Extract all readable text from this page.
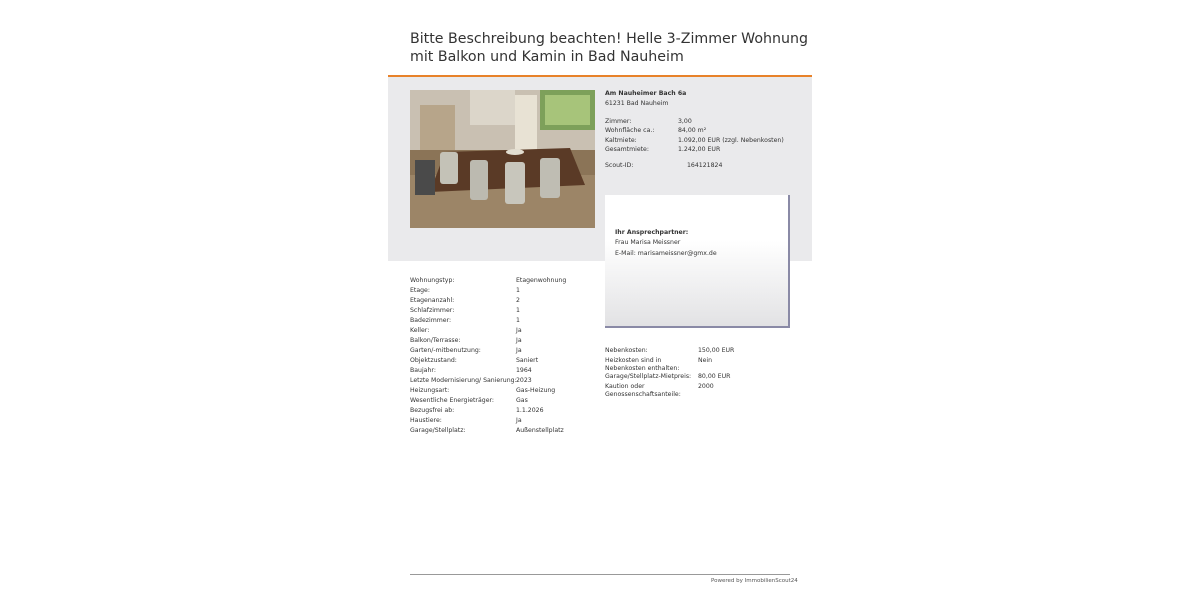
Bitte Beschreibung beachten! Helle 3-Zimmer Wohnung mit Balkon und Kamin in Bad Nauheim
Am Nauheimer Bach 6a
61231 Bad Nauheim
Zimmer:	3,00
Wohnfläche ca.:	84,00 m²
Kaltmiete:	1.092,00 EUR (zzgl. Nebenkosten)
Gesamtmiete:	1.242,00 EUR
Scout-ID:	164121824
Ihr Ansprechpartner:
Frau Marisa Meissner
E-Mail: marisameissner@gmx.de
Wohnungstyp:	Etagenwohnung
Etage:	1
Etagenanzahl:	2
Schlafzimmer:	1
Badezimmer:	1
Keller:	Ja
Balkon/Terrasse:	Ja
Garten/-mitbenutzung:	Ja
Objektzustand:	Saniert
Baujahr:	1964
Letzte Modernisierung/ Sanierung: 2023
Heizungsart:	Gas-Heizung
Wesentliche Energieträger:	Gas
Bezugsfrei ab:	1.1.2026
Haustiere:	Ja
Garage/Stellplatz:	Außenstellplatz
Nebenkosten:	150,00 EUR
Heizkosten sind in Nebenkosten enthalten:
Nein
Garage/Stellplatz-Mietpreis: 80,00 EUR
Kaution oder Genossenschaftsanteile:
2000
Powered by ImmobilienScout24
